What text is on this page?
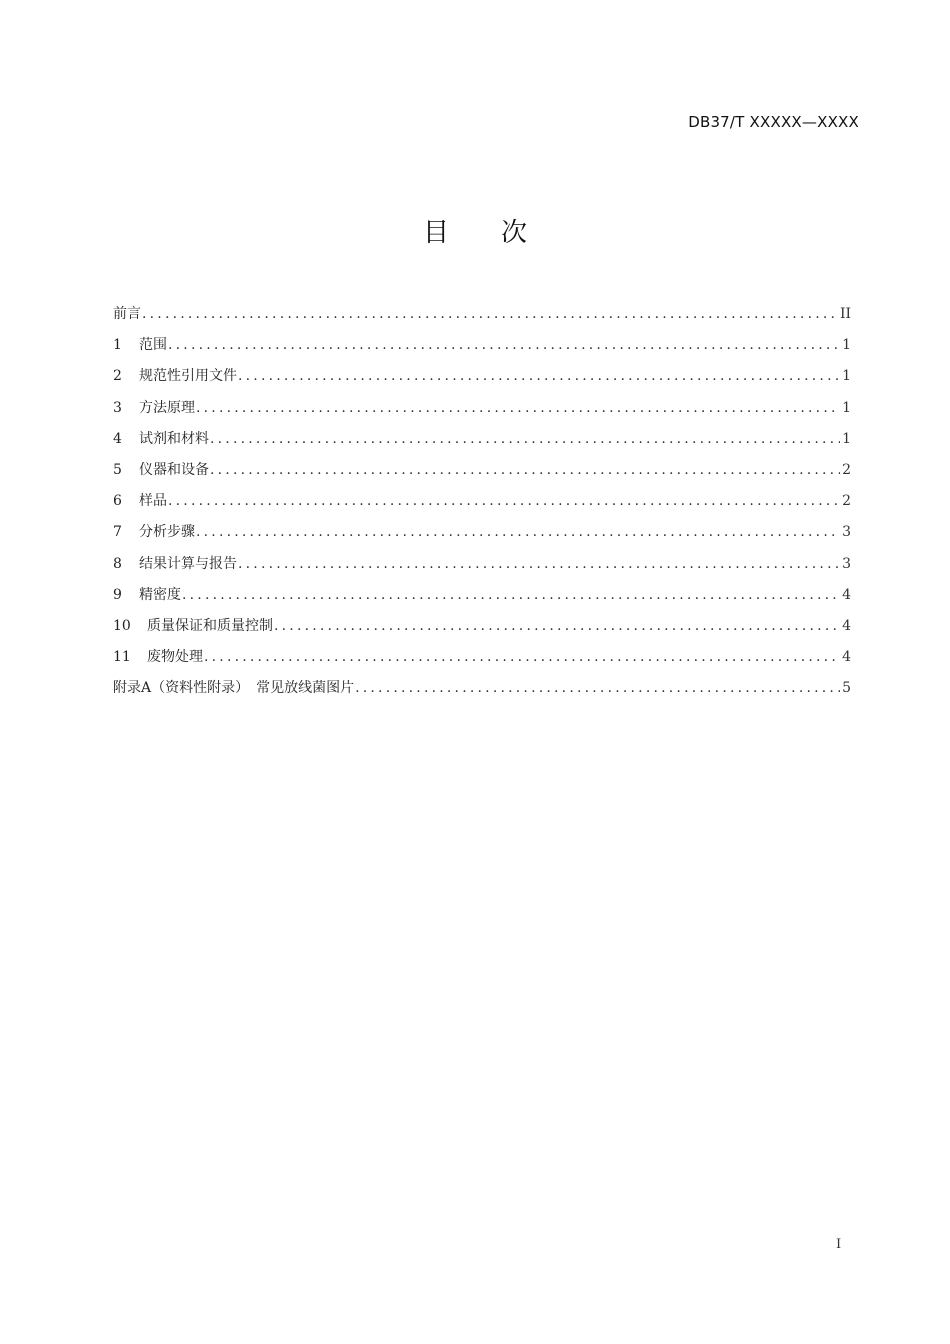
DB37/T XXXXX—XXXX
目 次
前言 .....	II
1	范围 .....	1
2	规范性引用文件 .....	1
3	方法原理 .....	1
4	试剂和材料 .....	1
5	仪器和设备 .....	2
6	样品 .....	2
7	分析步骤 .....	3
8	结果计算与报告 .....	3
9	精密度 .....	4
10	质量保证和质量控制 .....	4
11	废物处理 .....	4
附录A（资料性附录）　常见放线菌图片 .....	5
I
